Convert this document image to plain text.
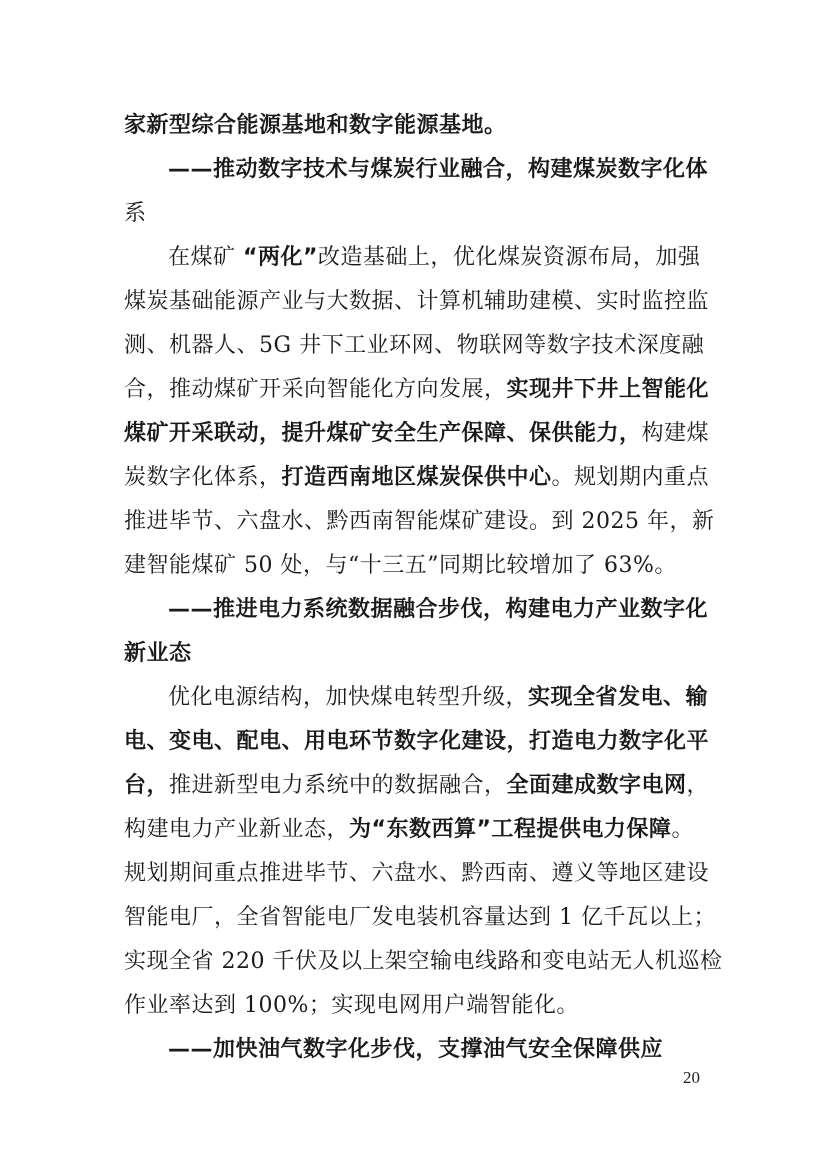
家新型综合能源基地和数字能源基地。
——推动数字技术与煤炭行业融合，构建煤炭数字化体
系
在煤矿 “两化”改造基础上，优化煤炭资源布局，加强
煤炭基础能源产业与大数据、计算机辅助建模、实时监控监
测、机器人、5G 井下工业环网、物联网等数字技术深度融
合，推动煤矿开采向智能化方向发展，实现井下井上智能化
煤矿开采联动，提升煤矿安全生产保障、保供能力，构建煤
炭数字化体系，打造西南地区煤炭保供中心。规划期内重点
推进毕节、六盘水、黔西南智能煤矿建设。到 2025 年，新
建智能煤矿 50 处，与“十三五”同期比较增加了 63%。
——推进电力系统数据融合步伐，构建电力产业数字化
新业态
优化电源结构，加快煤电转型升级，实现全省发电、输
电、变电、配电、用电环节数字化建设，打造电力数字化平
台，推进新型电力系统中的数据融合，全面建成数字电网，
构建电力产业新业态，为“东数西算”工程提供电力保障。
规划期间重点推进毕节、六盘水、黔西南、遵义等地区建设
智能电厂，全省智能电厂发电装机容量达到 1 亿千瓦以上；
实现全省 220 千伏及以上架空输电线路和变电站无人机巡检
作业率达到 100%；实现电网用户端智能化。
——加快油气数字化步伐，支撑油气安全保障供应
20
